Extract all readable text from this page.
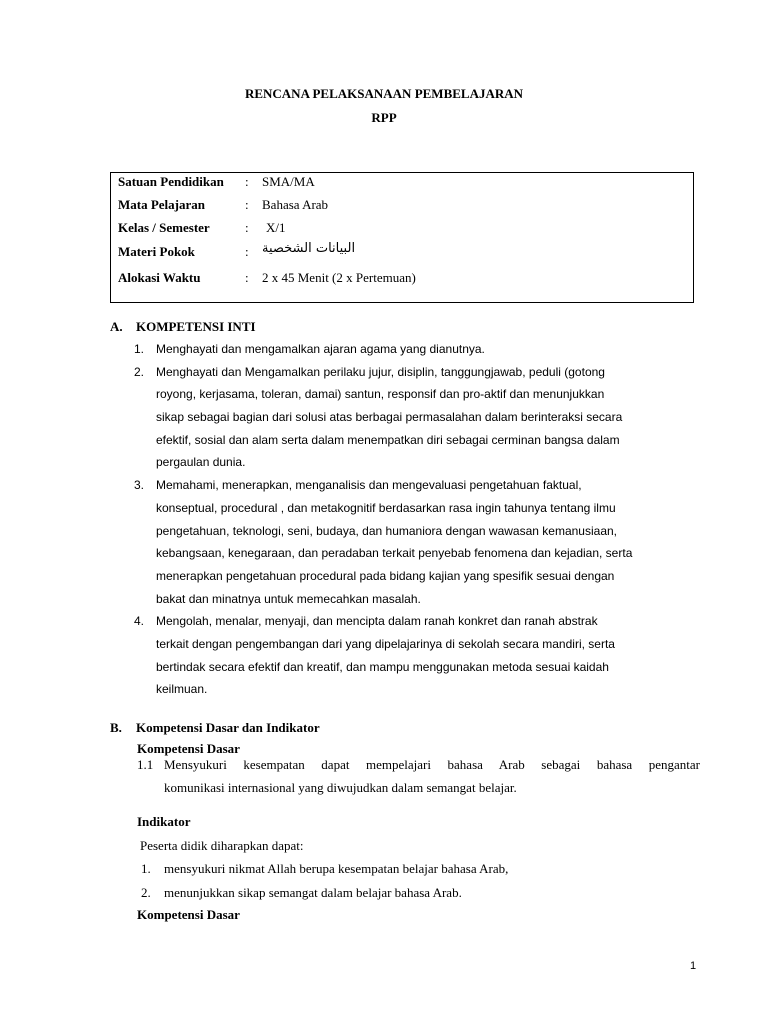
RENCANA PELAKSANAAN PEMBELAJARAN
RPP
Satuan Pendidikan : SMA/MA
Mata Pelajaran	: Bahasa Arab
Kelas / Semester	: X/1
Materi Pokok	: البيانات الشخصية
Alokasi Waktu	: 2 x 45 Menit (2 x Pertemuan)
A. KOMPETENSI INTI
1. Menghayati dan mengamalkan ajaran agama yang dianutnya.
2. Menghayati dan Mengamalkan perilaku jujur, disiplin, tanggungjawab, peduli (gotong
royong, kerjasama, toleran, damai) santun, responsif dan pro-aktif dan menunjukkan
sikap sebagai bagian dari solusi atas berbagai permasalahan dalam berinteraksi secara
efektif, sosial dan alam serta dalam menempatkan diri sebagai cerminan bangsa dalam
pergaulan dunia.
3. Memahami, menerapkan, menganalisis dan mengevaluasi pengetahuan faktual,
konseptual, procedural , dan metakognitif berdasarkan rasa ingin tahunya tentang ilmu
pengetahuan, teknologi, seni, budaya, dan humaniora dengan wawasan kemanusiaan,
kebangsaan, kenegaraan, dan peradaban terkait penyebab fenomena dan kejadian, serta
menerapkan pengetahuan procedural pada bidang kajian yang spesifik sesuai dengan
bakat dan minatnya untuk memecahkan masalah.
4. Mengolah, menalar, menyaji, dan mencipta dalam ranah konkret dan ranah abstrak
terkait dengan pengembangan dari yang dipelajarinya di sekolah secara mandiri, serta
bertindak secara efektif dan kreatif, dan mampu menggunakan metoda sesuai kaidah
keilmuan.
B. Kompetensi Dasar dan Indikator
Kompetensi Dasar
1.1 Mensyukuri kesempatan dapat mempelajari bahasa Arab sebagai bahasa pengantar
komunikasi internasional yang diwujudkan dalam semangat belajar.
Indikator
Peserta didik diharapkan dapat:
1. mensyukuri nikmat Allah berupa kesempatan belajar bahasa Arab,
2. menunjukkan sikap semangat dalam belajar bahasa Arab.
Kompetensi Dasar
1
